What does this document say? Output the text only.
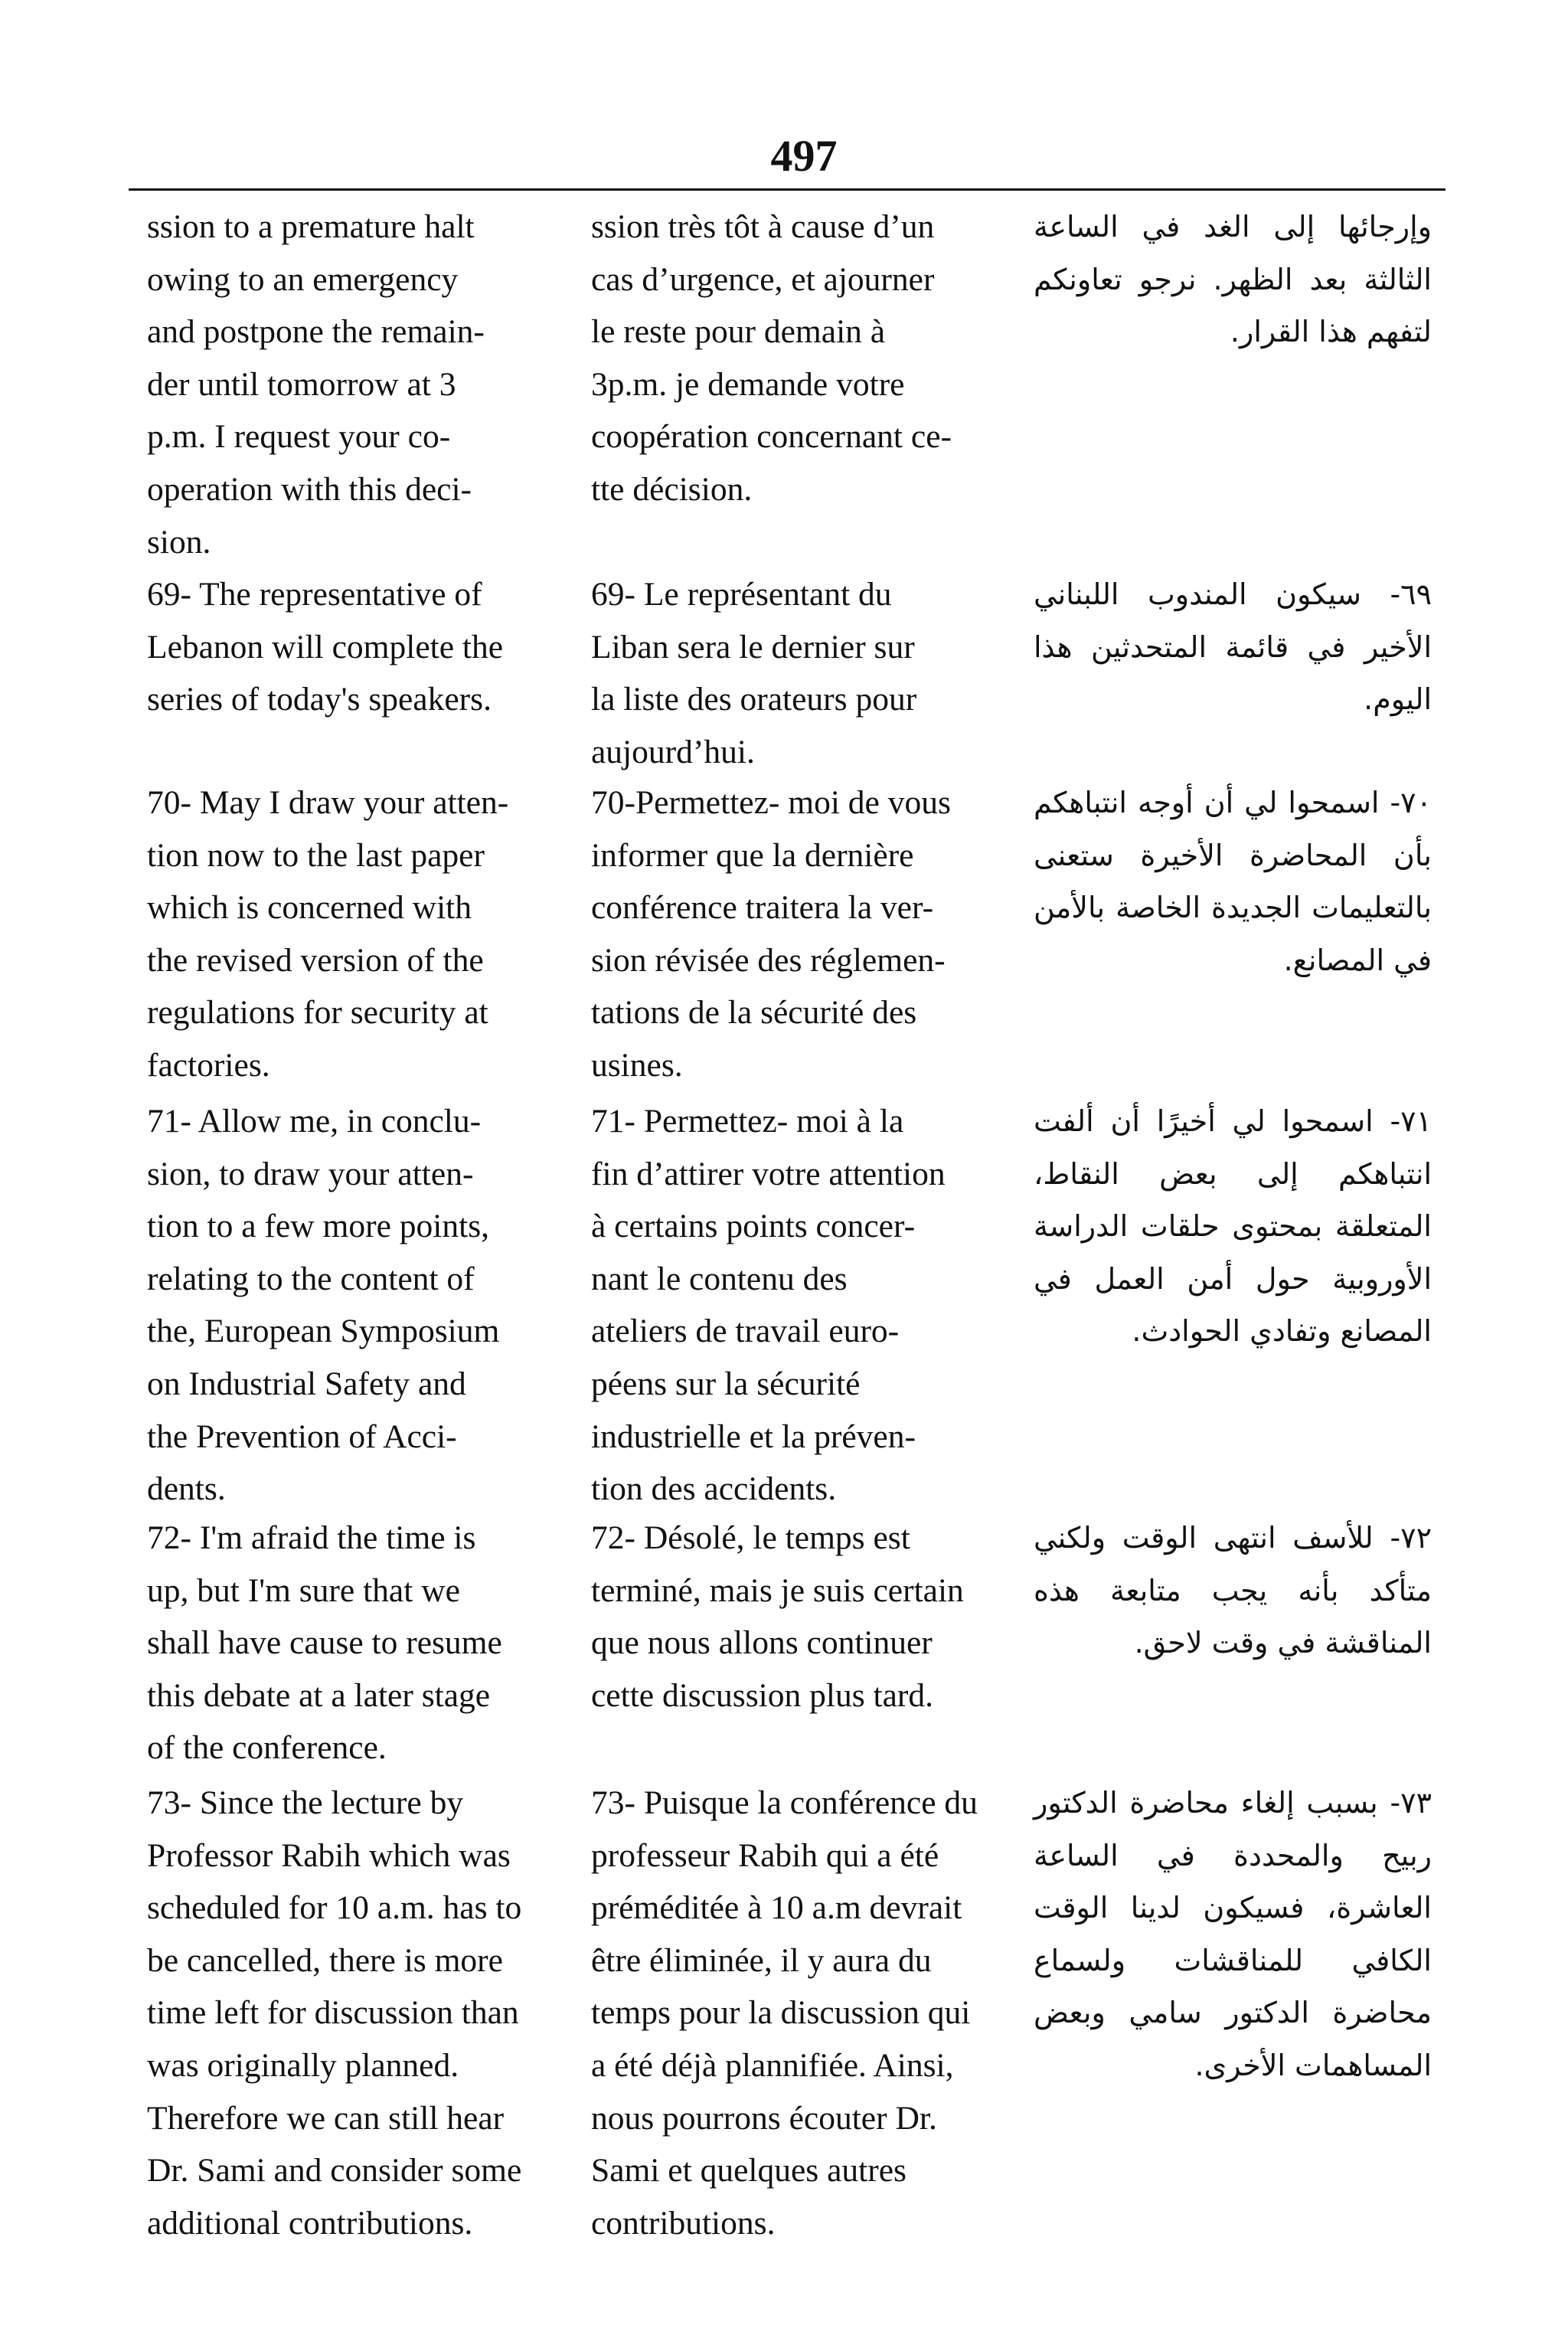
497

ssion to a premature halt
owing to an emergency
and postpone the remain-
der until tomorrow at 3
p.m. I request your co-
operation with this deci-
sion.

69- The representative of
Lebanon will complete the
series of today's speakers.

70- May I draw your atten-
tion now to the last paper
which is concerned with
the revised version of the
regulations for security at
factories.

71- Allow me, in conclu-
sion, to draw your atten-
tion to a few more points,
relating to the content of
the, European Symposium
on Industrial Safety and
the Prevention of Acci-
dents.

72- I'm afraid the time is
up, but I'm sure that we
shall have cause to resume
this debate at a later stage
of the conference.

73- Since the lecture by
Professor Rabih which was
scheduled for 10 a.m. has to
be cancelled, there is more
time left for discussion than
was originally planned.
Therefore we can still hear
Dr. Sami and consider some
additional contributions.

ssion très tôt à cause d’un
cas d’urgence, et ajourner
le reste pour demain à
3p.m. je demande votre
coopération concernant ce-
tte décision.

69- Le représentant du
Liban sera le dernier sur
la liste des orateurs pour
aujourd’hui.

70-Permettez- moi de vous
informer que la dernière
conférence traitera la ver-
sion révisée des réglemen-
tations de la sécurité des
usines.

71- Permettez- moi à la
fin d’attirer votre attention
à certains points concer-
nant le contenu des
ateliers de travail euro-
péens sur la sécurité
industrielle et la préven-
tion des accidents.

72- Désolé, le temps est
terminé, mais je suis certain
que nous allons continuer
cette discussion plus tard.

73- Puisque la conférence du
professeur Rabih qui a été
préméditée à 10 a.m devrait
être éliminée, il y aura du
temps pour la discussion qui
a été déjà plannifiée. Ainsi,
nous pourrons écouter Dr.
Sami et quelques autres
contributions.

وإرجائها إلى الغد في الساعة الثالثة بعد الظهر. نرجو تعاونكم لتفهم هذا القرار.

٦٩- سيكون المندوب اللبناني الأخير في قائمة المتحدثين هذا اليوم.

٧٠- اسمحوا لي أن أوجه انتباهكم بأن المحاضرة الأخيرة ستعنى بالتعليمات الجديدة الخاصة بالأمن في المصانع.

٧١- اسمحوا لي أخيرًا أن ألفت انتباهكم إلى بعض النقاط، المتعلقة بمحتوى حلقات الدراسة الأوروبية حول أمن العمل في المصانع وتفادي الحوادث.

٧٢- للأسف انتهى الوقت ولكني متأكد بأنه يجب متابعة هذه المناقشة في وقت لاحق.

٧٣- بسبب إلغاء محاضرة الدكتور ربيح والمحددة في الساعة العاشرة، فسيكون لدينا الوقت الكافي للمناقشات ولسماع محاضرة الدكتور سامي وبعض المساهمات الأخرى.
